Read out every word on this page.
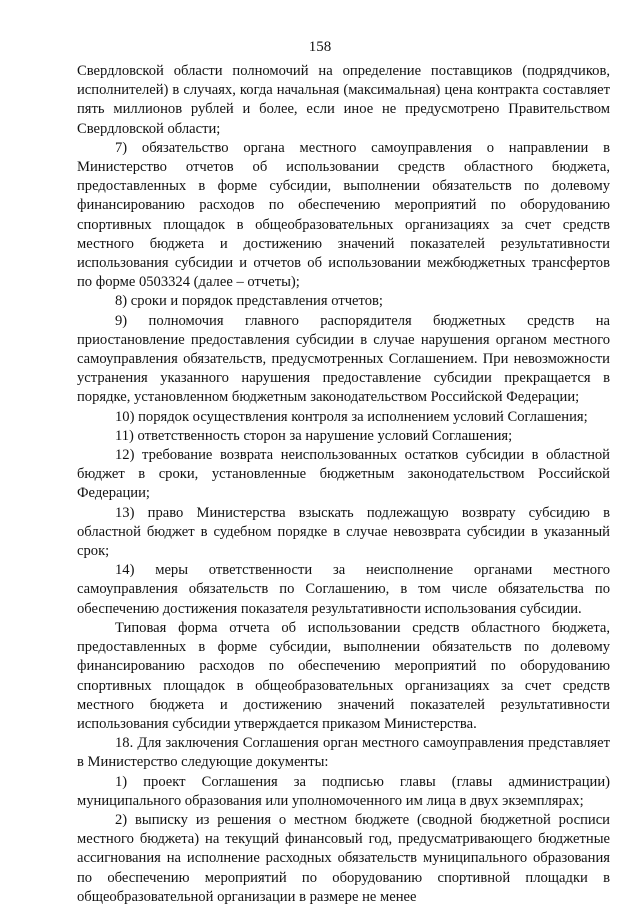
158

Свердловской области полномочий на определение поставщиков (подрядчиков, исполнителей) в случаях, когда начальная (максимальная) цена контракта составляет пять миллионов рублей и более, если иное не предусмотрено Правительством Свердловской области;

7) обязательство органа местного самоуправления о направлении в Министерство отчетов об использовании средств областного бюджета, предоставленных в форме субсидии, выполнении обязательств по долевому финансированию расходов по обеспечению мероприятий по оборудованию спортивных площадок в общеобразовательных организациях за счет средств местного бюджета и достижению значений показателей результативности использования субсидии и отчетов об использовании межбюджетных трансфертов по форме 0503324 (далее – отчеты);

8) сроки и порядок представления отчетов;

9) полномочия главного распорядителя бюджетных средств на приостановление предоставления субсидии в случае нарушения органом местного самоуправления обязательств, предусмотренных Соглашением. При невозможности устранения указанного нарушения предоставление субсидии прекращается в порядке, установленном бюджетным законодательством Российской Федерации;

10) порядок осуществления контроля за исполнением условий Соглашения;

11) ответственность сторон за нарушение условий Соглашения;

12) требование возврата неиспользованных остатков субсидии в областной бюджет в сроки, установленные бюджетным законодательством Российской Федерации;

13) право Министерства взыскать подлежащую возврату субсидию в областной бюджет в судебном порядке в случае невозврата субсидии в указанный срок;

14) меры ответственности за неисполнение органами местного самоуправления обязательств по Соглашению, в том числе обязательства по обеспечению достижения показателя результативности использования субсидии.

Типовая форма отчета об использовании средств областного бюджета, предоставленных в форме субсидии, выполнении обязательств по долевому финансированию расходов по обеспечению мероприятий по оборудованию спортивных площадок в общеобразовательных организациях за счет средств местного бюджета и достижению значений показателей результативности использования субсидии утверждается приказом Министерства.

18. Для заключения Соглашения орган местного самоуправления представляет в Министерство следующие документы:

1) проект Соглашения за подписью главы (главы администрации) муниципального образования или уполномоченного им лица в двух экземплярах;

2) выписку из решения о местном бюджете (сводной бюджетной росписи местного бюджета) на текущий финансовый год, предусматривающего бюджетные ассигнования на исполнение расходных обязательств муниципального образования по обеспечению мероприятий по оборудованию спортивной площадки в общеобразовательной организации в размере не менее
